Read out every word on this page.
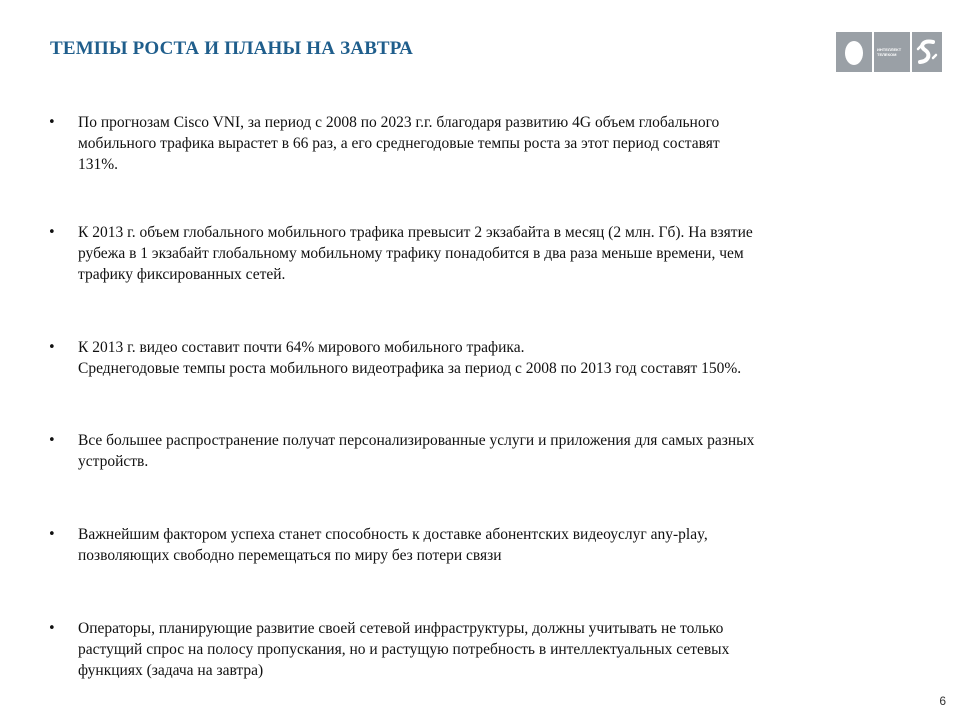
ТЕМПЫ РОСТА И ПЛАНЫ НА ЗАВТРА	ИНТЕЛЛЕКТ
ТЕЛЕКОМ
•	По прогнозам Cisco VNI, за период с 2008 по 2023 г.г. благодаря развитию 4G объем глобального
мобильного трафика вырастет в 66 раз, а его среднегодовые темпы роста за этот период составят
131%.
•	К 2013 г. объем глобального мобильного трафика превысит 2 экзабайта в месяц (2 млн. Гб). На взятие
рубежа в 1 экзабайт глобальному мобильному трафику понадобится в два раза меньше времени, чем
трафику фиксированных сетей.
•	К 2013 г. видео составит почти 64% мирового мобильного трафика.
Среднегодовые темпы роста мобильного видеотрафика за период с 2008 по 2013 год составят 150%.
•	Все большее распространение получат персонализированные услуги и приложения для самых разных
устройств.
•	Важнейшим фактором успеха станет способность к доставке абонентских видеоуслуг any-play,
позволяющих свободно перемещаться по миру без потери связи
•	Операторы, планирующие развитие своей сетевой инфраструктуры, должны учитывать не только
растущий спрос на полосу пропускания, но и растущую потребность в интеллектуальных сетевых
функциях (задача на завтра)
6
